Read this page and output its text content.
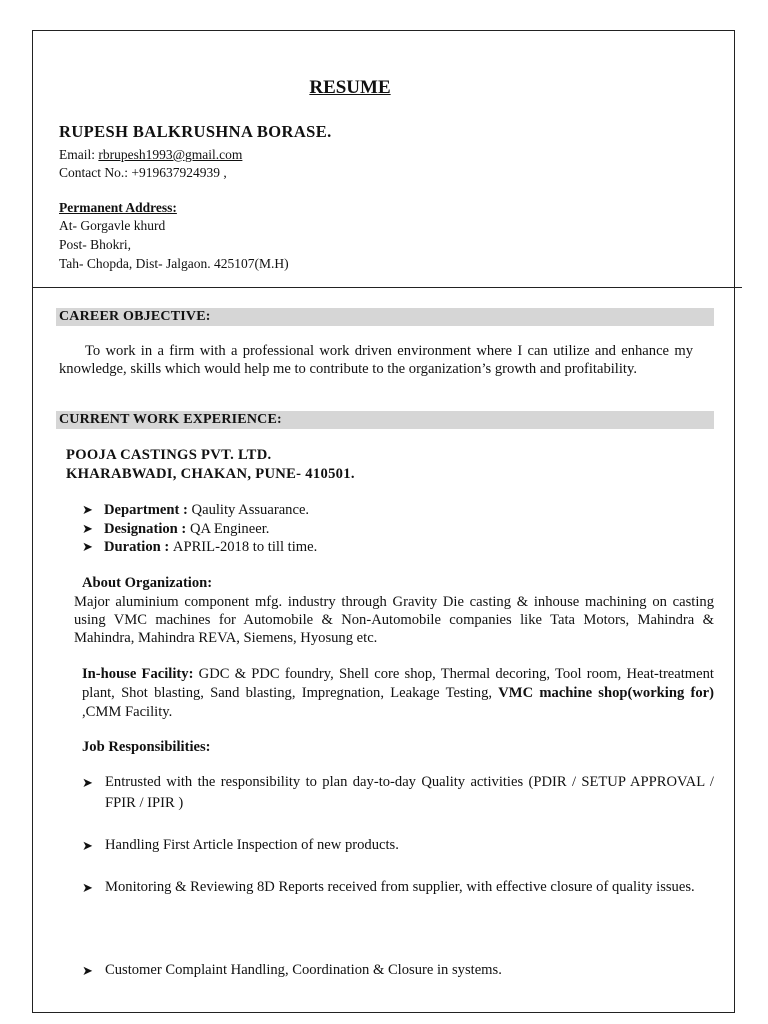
RESUME
RUPESH BALKRUSHNA BORASE.
Email: rbrupesh1993@gmail.com
Contact No.: +919637924939 ,
Permanent Address:
At- Gorgavle khurd
Post- Bhokri,
Tah- Chopda, Dist- Jalgaon. 425107(M.H)
CAREER OBJECTIVE:

To work in a firm with a professional work driven environment where I can utilize and enhance my knowledge, skills which would help me to contribute to the organization’s growth and profitability.

CURRENT WORK EXPERIENCE:
POOJA CASTINGS PVT. LTD.
KHARABWADI, CHAKAN, PUNE- 410501.
➤ Department : Qaulity Assuarance.
➤ Designation : QA Engineer.
➤ Duration : APRIL-2018 to till time.
About Organization:

Major aluminium component mfg. industry through Gravity Die casting & inhouse machining on casting using VMC machines for Automobile & Non-Automobile companies like Tata Motors, Mahindra & Mahindra, Mahindra REVA, Siemens, Hyosung etc.

In-house Facility: GDC & PDC foundry, Shell core shop, Thermal decoring, Tool room, Heat-treatment plant, Shot blasting, Sand blasting, Impregnation, Leakage Testing, VMC machine shop(working for) ,CMM Facility.

Job Responsibilities:
➤ Entrusted with the responsibility to plan day-to-day Quality activities (PDIR / SETUP APPROVAL / FPIR / IPIR )
➤ Handling First Article Inspection of new products.
➤ Monitoring & Reviewing 8D Reports received from supplier, with effective closure of quality issues.
➤ Customer Complaint Handling, Coordination & Closure in systems.
